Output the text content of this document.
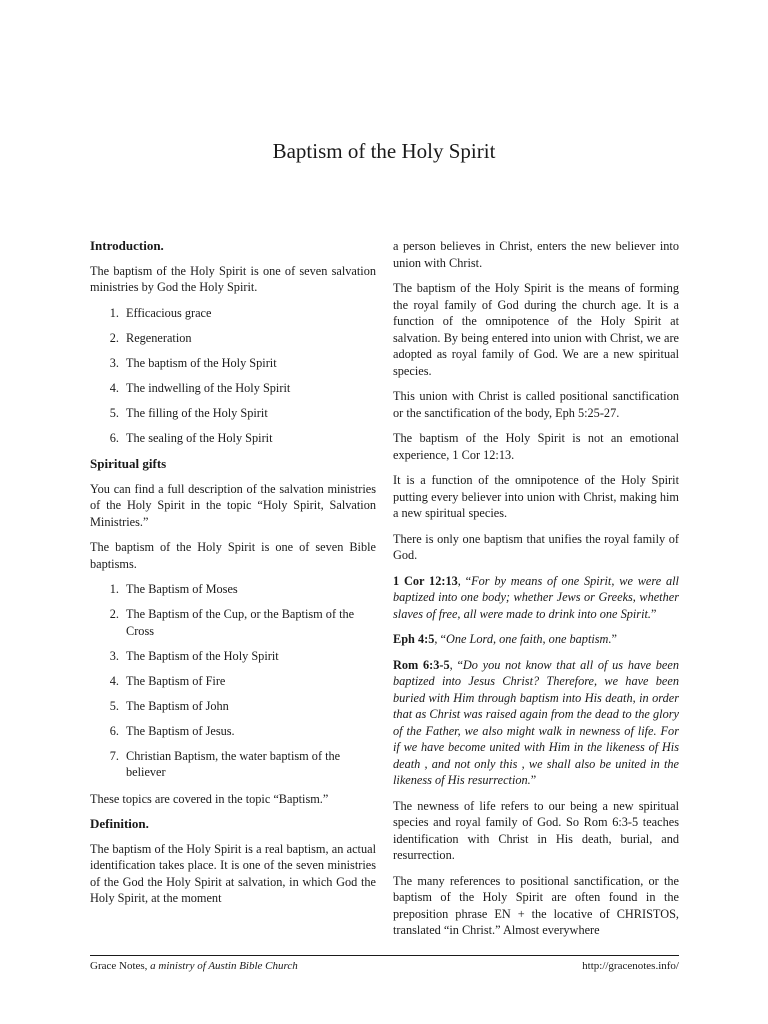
Baptism of the Holy Spirit
Introduction.

The baptism of the Holy Spirit is one of seven salvation ministries by God the Holy Spirit.

1. Efficacious grace
2. Regeneration
3. The baptism of the Holy Spirit
4. The indwelling of the Holy Spirit
5. The filling of the Holy Spirit
6. The sealing of the Holy Spirit
Spiritual gifts

You can find a full description of the salvation ministries of the Holy Spirit in the topic “Holy Spirit, Salvation Ministries.”

The baptism of the Holy Spirit is one of seven Bible baptisms.

1. The Baptism of Moses
2. The Baptism of the Cup, or the Baptism of the Cross
3. The Baptism of the Holy Spirit
4. The Baptism of Fire
5. The Baptism of John
6. The Baptism of Jesus.
7. Christian Baptism, the water baptism of the believer

These topics are covered in the topic “Baptism.”

Definition.

The baptism of the Holy Spirit is a real baptism, an actual identification takes place. It is one of the seven ministries of the God the Holy Spirit at salvation, in which God the Holy Spirit, at the moment

a person believes in Christ, enters the new believer into union with Christ.

The baptism of the Holy Spirit is the means of forming the royal family of God during the church age. It is a function of the omnipotence of the Holy Spirit at salvation. By being entered into union with Christ, we are adopted as royal family of God. We are a new spiritual species.

This union with Christ is called positional sanctification or the sanctification of the body, Eph 5:25-27.

The baptism of the Holy Spirit is not an emotional experience, 1 Cor 12:13.

It is a function of the omnipotence of the Holy Spirit putting every believer into union with Christ, making him a new spiritual species.

There is only one baptism that unifies the royal family of God.

1 Cor 12:13, “For by means of one Spirit, we were all baptized into one body; whether Jews or Greeks, whether slaves of free, all were made to drink into one Spirit.”

Eph 4:5, “One Lord, one faith, one baptism.”

Rom 6:3-5, “Do you not know that all of us have been baptized into Jesus Christ? Therefore, we have been buried with Him through baptism into His death, in order that as Christ was raised again from the dead to the glory of the Father, we also might walk in newness of life. For if we have become united with Him in the likeness of His death , and not only this , we shall also be united in the likeness of His resurrection.”

The newness of life refers to our being a new spiritual species and royal family of God. So Rom 6:3-5 teaches identification with Christ in His death, burial, and resurrection.

The many references to positional sanctification, or the baptism of the Holy Spirit are often found in the preposition phrase EN + the locative of CHRISTOS, translated “in Christ.” Almost everywhere

Grace Notes, a ministry of Austin Bible Church	http://gracenotes.info/
